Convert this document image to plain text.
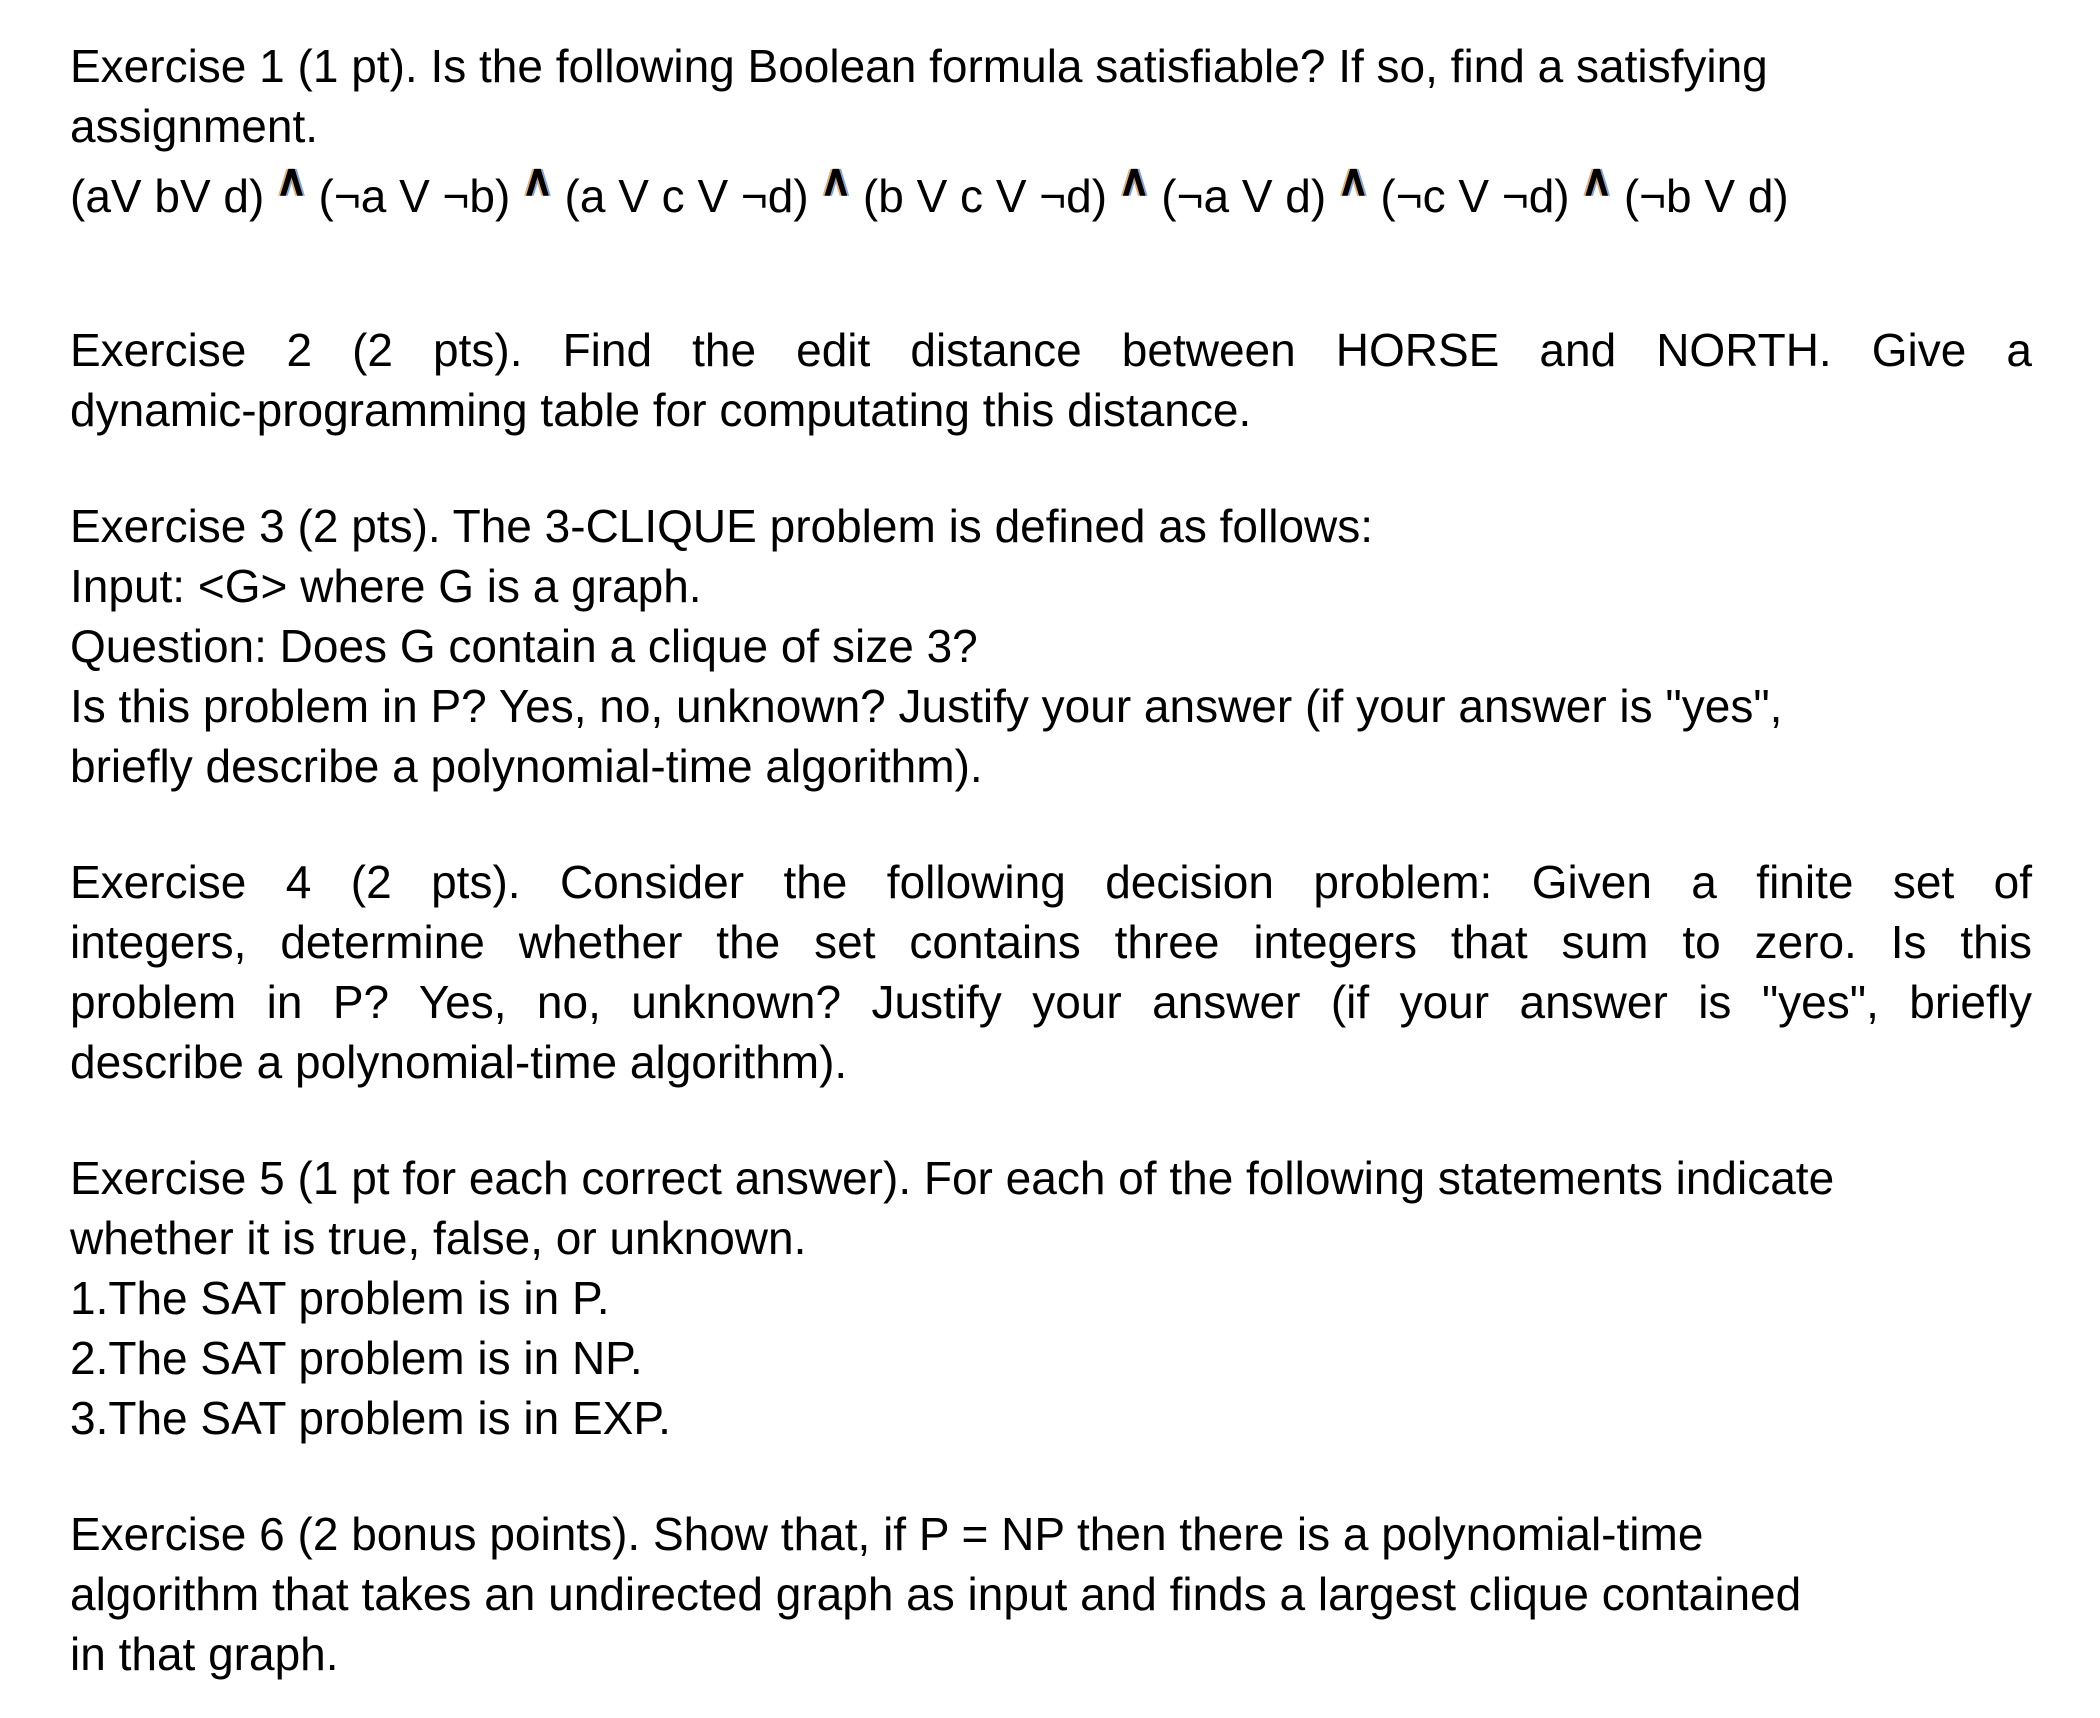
Exercise 1 (1 pt). Is the following Boolean formula satisfiable? If so, find a satisfying
assignment.
(aV bV d) ∧ (¬a V ¬b) ∧ (a V c V ¬d) ∧ (b V c V ¬d) ∧ (¬a V d) ∧ (¬c V ¬d) ∧ (¬b V d)
Exercise 2 (2 pts). Find the edit distance between HORSE and NORTH. Give a
dynamic-programming table for computating this distance.
Exercise 3 (2 pts). The 3-CLIQUE problem is defined as follows:
Input: <G> where G is a graph.
Question: Does G contain a clique of size 3?
Is this problem in P? Yes, no, unknown? Justify your answer (if your answer is "yes",
briefly describe a polynomial-time algorithm).
Exercise 4 (2 pts). Consider the following decision problem: Given a finite set of
integers, determine whether the set contains three integers that sum to zero. Is this
problem in P? Yes, no, unknown? Justify your answer (if your answer is "yes", briefly
describe a polynomial-time algorithm).
Exercise 5 (1 pt for each correct answer). For each of the following statements indicate
whether it is true, false, or unknown.
1.The SAT problem is in P.
2.The SAT problem is in NP.
3.The SAT problem is in EXP.
Exercise 6 (2 bonus points). Show that, if P = NP then there is a polynomial-time
algorithm that takes an undirected graph as input and finds a largest clique contained
in that graph.
